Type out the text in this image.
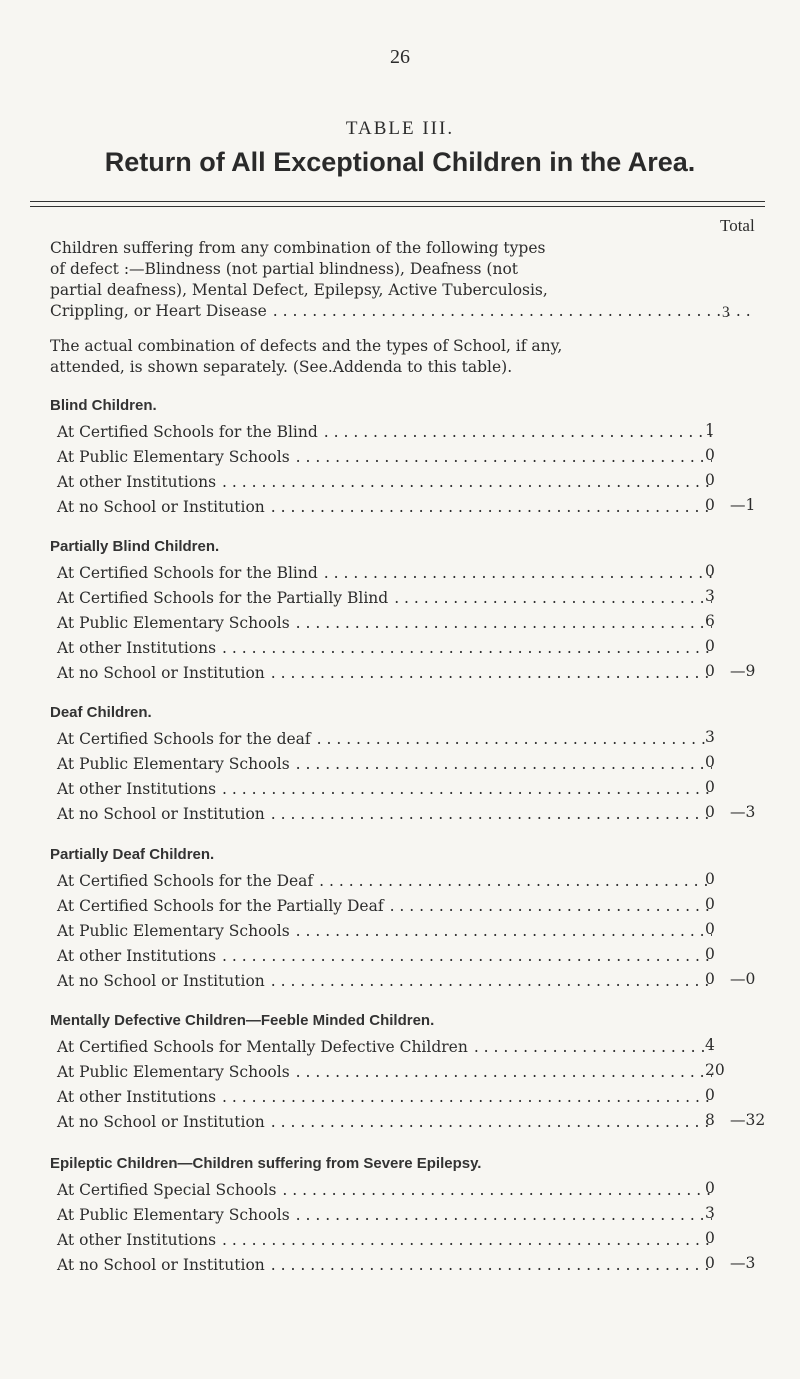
26
TABLE III.
Return of All Exceptional Children in the Area.
Total
Children suffering from any combination of the following types
of defect :—Blindness (not partial blindness), Deafness (not
partial deafness), Mental Defect, Epilepsy, Active Tuberculosis,
Crippling, or Heart Disease . . .	3
The actual combination of defects and the types of School, if any,
attended, is shown separately. (See.Addenda to this table).
Blind Children.
At Certified Schools for the Blind . . .	1
At Public Elementary Schools . . .	0
At other Institutions . . .	0
At no School or Institution . . .	0 —1
Partially Blind Children.
At Certified Schools for the Blind . . .	0
At Certified Schools for the Partially Blind . . .	3
At Public Elementary Schools . . .	6
At other Institutions . . .	0
At no School or Institution . . .	0 —9
Deaf Children.
At Certified Schools for the deaf . . .	3
At Public Elementary Schools . . .	0
At other Institutions . . .	0
At no School or Institution . . .	0 —3
Partially Deaf Children.
At Certified Schools for the Deaf . . .	0
At Certified Schools for the Partially Deaf . . .	0
At Public Elementary Schools . . .	0
At other Institutions . . .	0
At no School or Institution . . .	0 —0
Mentally Defective Children—Feeble Minded Children.
At Certified Schools for Mentally Defective Children . . .	4
At Public Elementary Schools . . .	20
At other Institutions . . .	0
At no School or Institution . . .	8 —32
Epileptic Children—Children suffering from Severe Epilepsy.
At Certified Special Schools . . .	0
At Public Elementary Schools . . .	3
At other Institutions . . .	0
At no School or Institution . . .	0 —3
